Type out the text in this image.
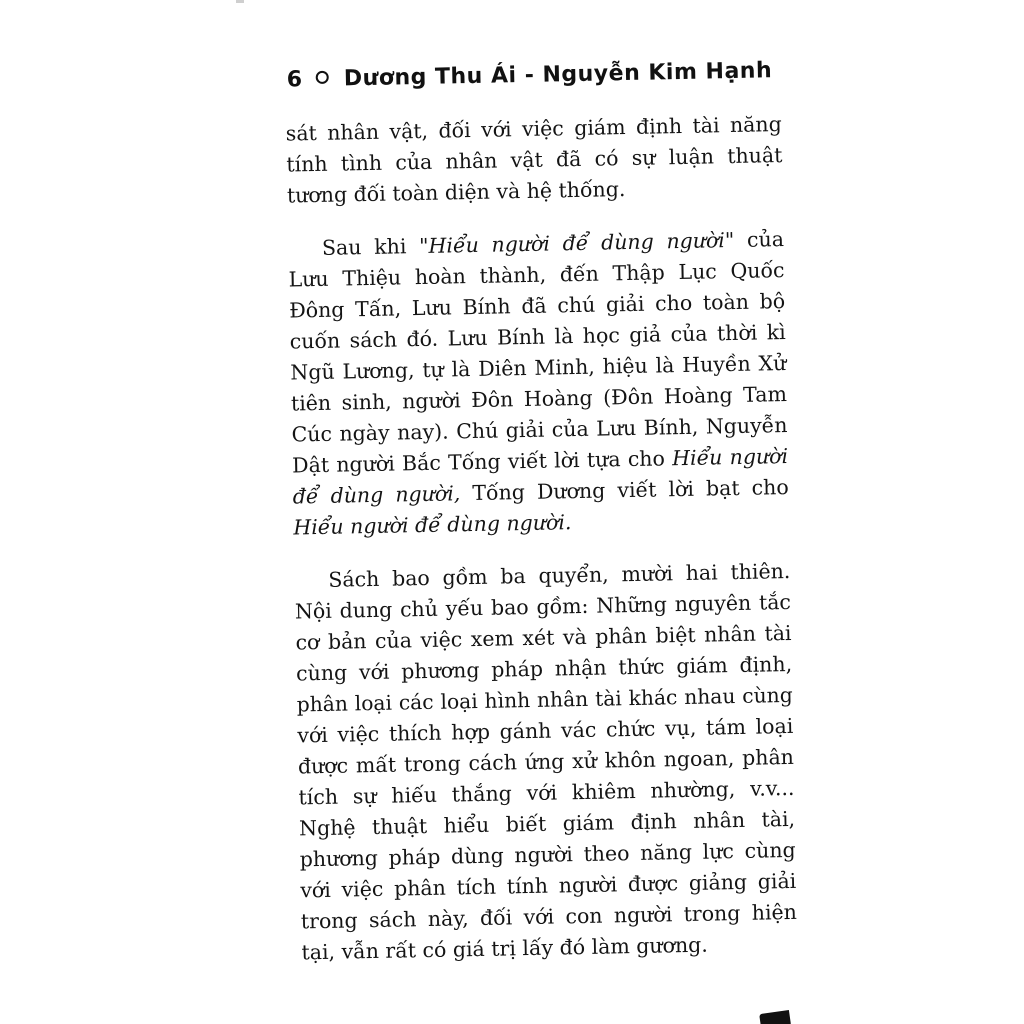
6 Dương Thu Ái - Nguyễn Kim Hạnh
sát nhân vật, đối với việc giám định tài năng
tính tình của nhân vật đã có sự luận thuật
tương đối toàn diện và hệ thống.
Sau khi "Hiểu người để dùng người" của
Lưu Thiệu hoàn thành, đến Thập Lục Quốc
Đông Tấn, Lưu Bính đã chú giải cho toàn bộ
cuốn sách đó. Lưu Bính là học giả của thời kì
Ngũ Lương, tự là Diên Minh, hiệu là Huyền Xử
tiên sinh, người Đôn Hoàng (Đôn Hoàng Tam
Cúc ngày nay). Chú giải của Lưu Bính, Nguyễn
Dật người Bắc Tống viết lời tựa cho Hiểu người
để dùng người, Tống Dương viết lời bạt cho
Hiểu người để dùng người.
Sách bao gồm ba quyển, mười hai thiên.
Nội dung chủ yếu bao gồm: Những nguyên tắc
cơ bản của việc xem xét và phân biệt nhân tài
cùng với phương pháp nhận thức giám định,
phân loại các loại hình nhân tài khác nhau cùng
với việc thích hợp gánh vác chức vụ, tám loại
được mất trong cách ứng xử khôn ngoan, phân
tích sự hiếu thắng với khiêm nhường, v.v...
Nghệ thuật hiểu biết giám định nhân tài,
phương pháp dùng người theo năng lực cùng
với việc phân tích tính người được giảng giải
trong sách này, đối với con người trong hiện
tại, vẫn rất có giá trị lấy đó làm gương.
